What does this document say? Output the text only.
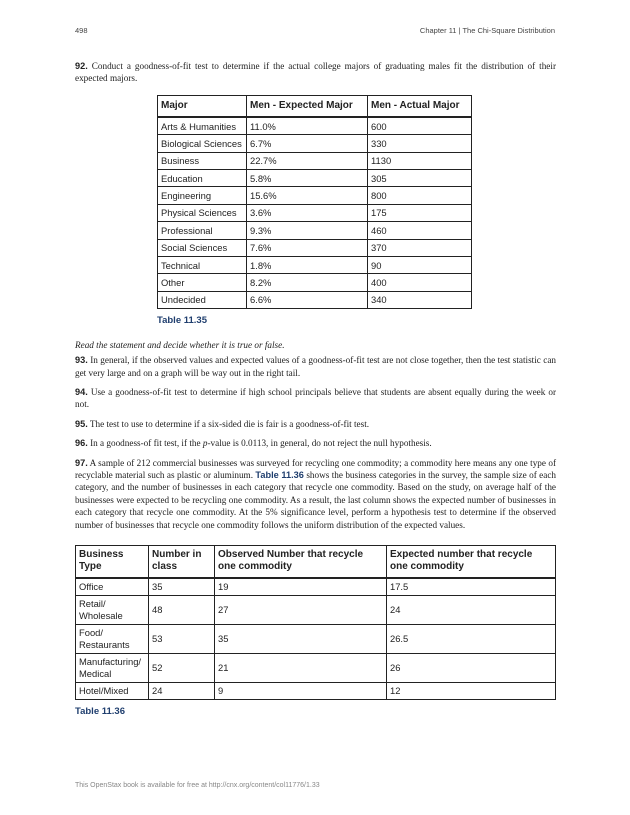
498	Chapter 11 | The Chi-Square Distribution

92. Conduct a goodness-of-fit test to determine if the actual college majors of graduating males fit the distribution of their expected majors.

Major	Men - Expected Major	Men - Actual Major
Arts & Humanities	11.0%	600
Biological Sciences	6.7%	330
Business	22.7%	1130
Education	5.8%	305
Engineering	15.6%	800
Physical Sciences	3.6%	175
Professional	9.3%	460
Social Sciences	7.6%	370
Technical	1.8%	90
Other	8.2%	400
Undecided	6.6%	340
Table 11.35

Read the statement and decide whether it is true or false.

93. In general, if the observed values and expected values of a goodness-of-fit test are not close together, then the test statistic can get very large and on a graph will be way out in the right tail.

94. Use a goodness-of-fit test to determine if high school principals believe that students are absent equally during the week or not.

95. The test to use to determine if a six-sided die is fair is a goodness-of-fit test.

96. In a goodness-of fit test, if the p-value is 0.0113, in general, do not reject the null hypothesis.

97. A sample of 212 commercial businesses was surveyed for recycling one commodity; a commodity here means any one type of recyclable material such as plastic or aluminum. Table 11.36 shows the business categories in the survey, the sample size of each category, and the number of businesses in each category that recycle one commodity. Based on the study, on average half of the businesses were expected to be recycling one commodity. As a result, the last column shows the expected number of businesses in each category that recycle one commodity. At the 5% significance level, perform a hypothesis test to determine if the observed number of businesses that recycle one commodity follows the uniform distribution of the expected values.

Business Type	Number in class	Observed Number that recycle one commodity	Expected number that recycle one commodity
Office	35	19	17.5
Retail/ Wholesale	48	27	24
Food/ Restaurants	53	35	26.5
Manufacturing/ Medical	52	21	26
Hotel/Mixed	24	9	12
Table 11.36
This OpenStax book is available for free at http://cnx.org/content/col11776/1.33
